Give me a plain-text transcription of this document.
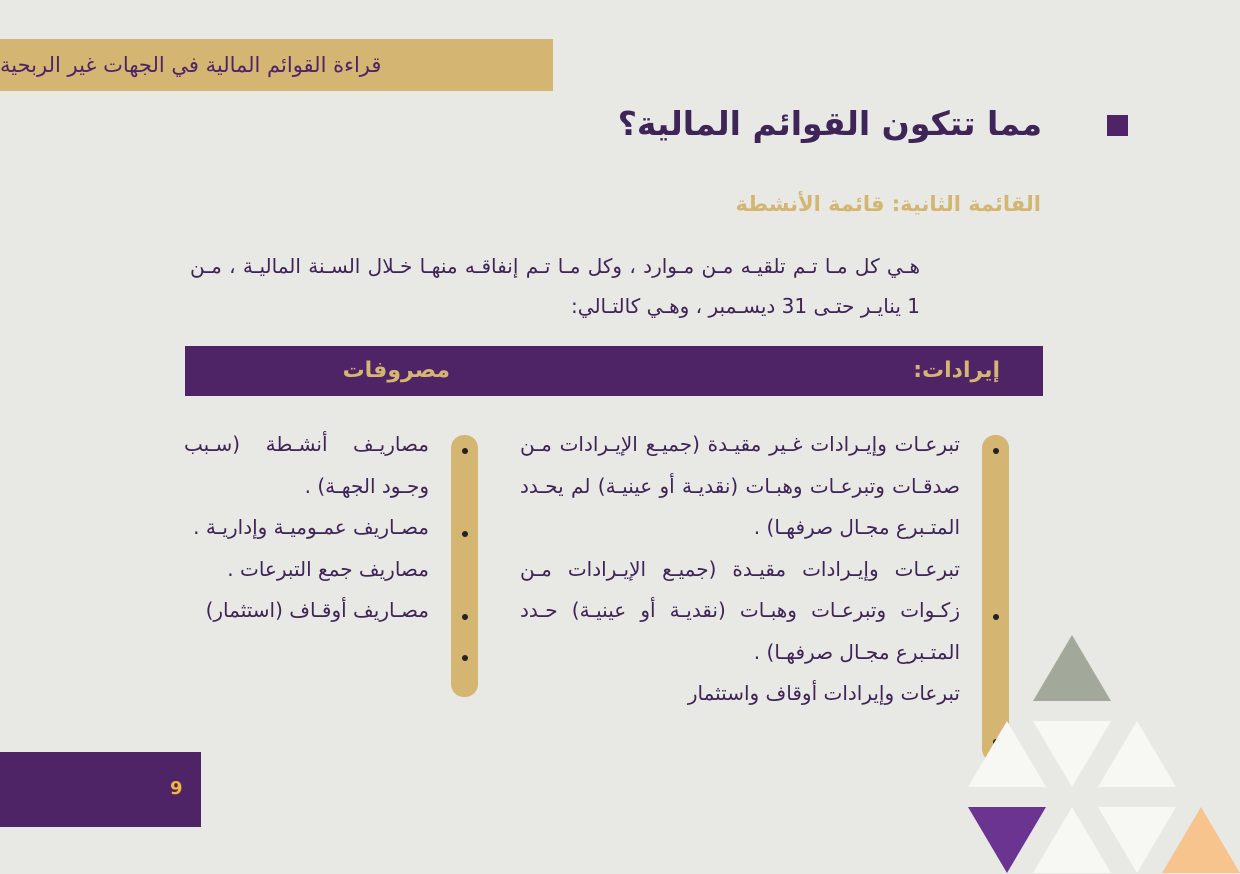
قراءة القوائم المالية في الجهات غير الربحية
مما تتكون القوائم المالية؟
القائمة الثانية: قائمة الأنشطة
هـي كل مـا تـم تلقيـه مـن مـوارد ، وكل مـا تـم إنفاقـه منهـا خـلال السـنة الماليـة ، مـن 1 ينايـر حتـى 31 ديسـمبر ، وهـي كالتـالي:
إيرادات:
مصروفات

تبرعـات وإيـرادات غـير مقيـدة (جميـع الإيـرادات مـن صدقـات وتبرعـات وهبـات (نقديـة أو عينيـة) لم يحـدد المتـبرع مجـال صرفهـا) .

تبرعـات وإيـرادات مقيـدة (جميـع الإيـرادات مـن زكـوات وتبرعـات وهبـات (نقديـة أو عينيـة) حـدد المتـبرع مجـال صرفهـا) .

تبرعات وإيرادات أوقاف واستثمار

مصاريـف أنشـطة (سـبب وجـود الجهـة) .

مصـاريف عمـوميـة وإداريـة .

مصاريف جمع التبرعات .

مصـاريف أوقـاف (استثمار)

9
